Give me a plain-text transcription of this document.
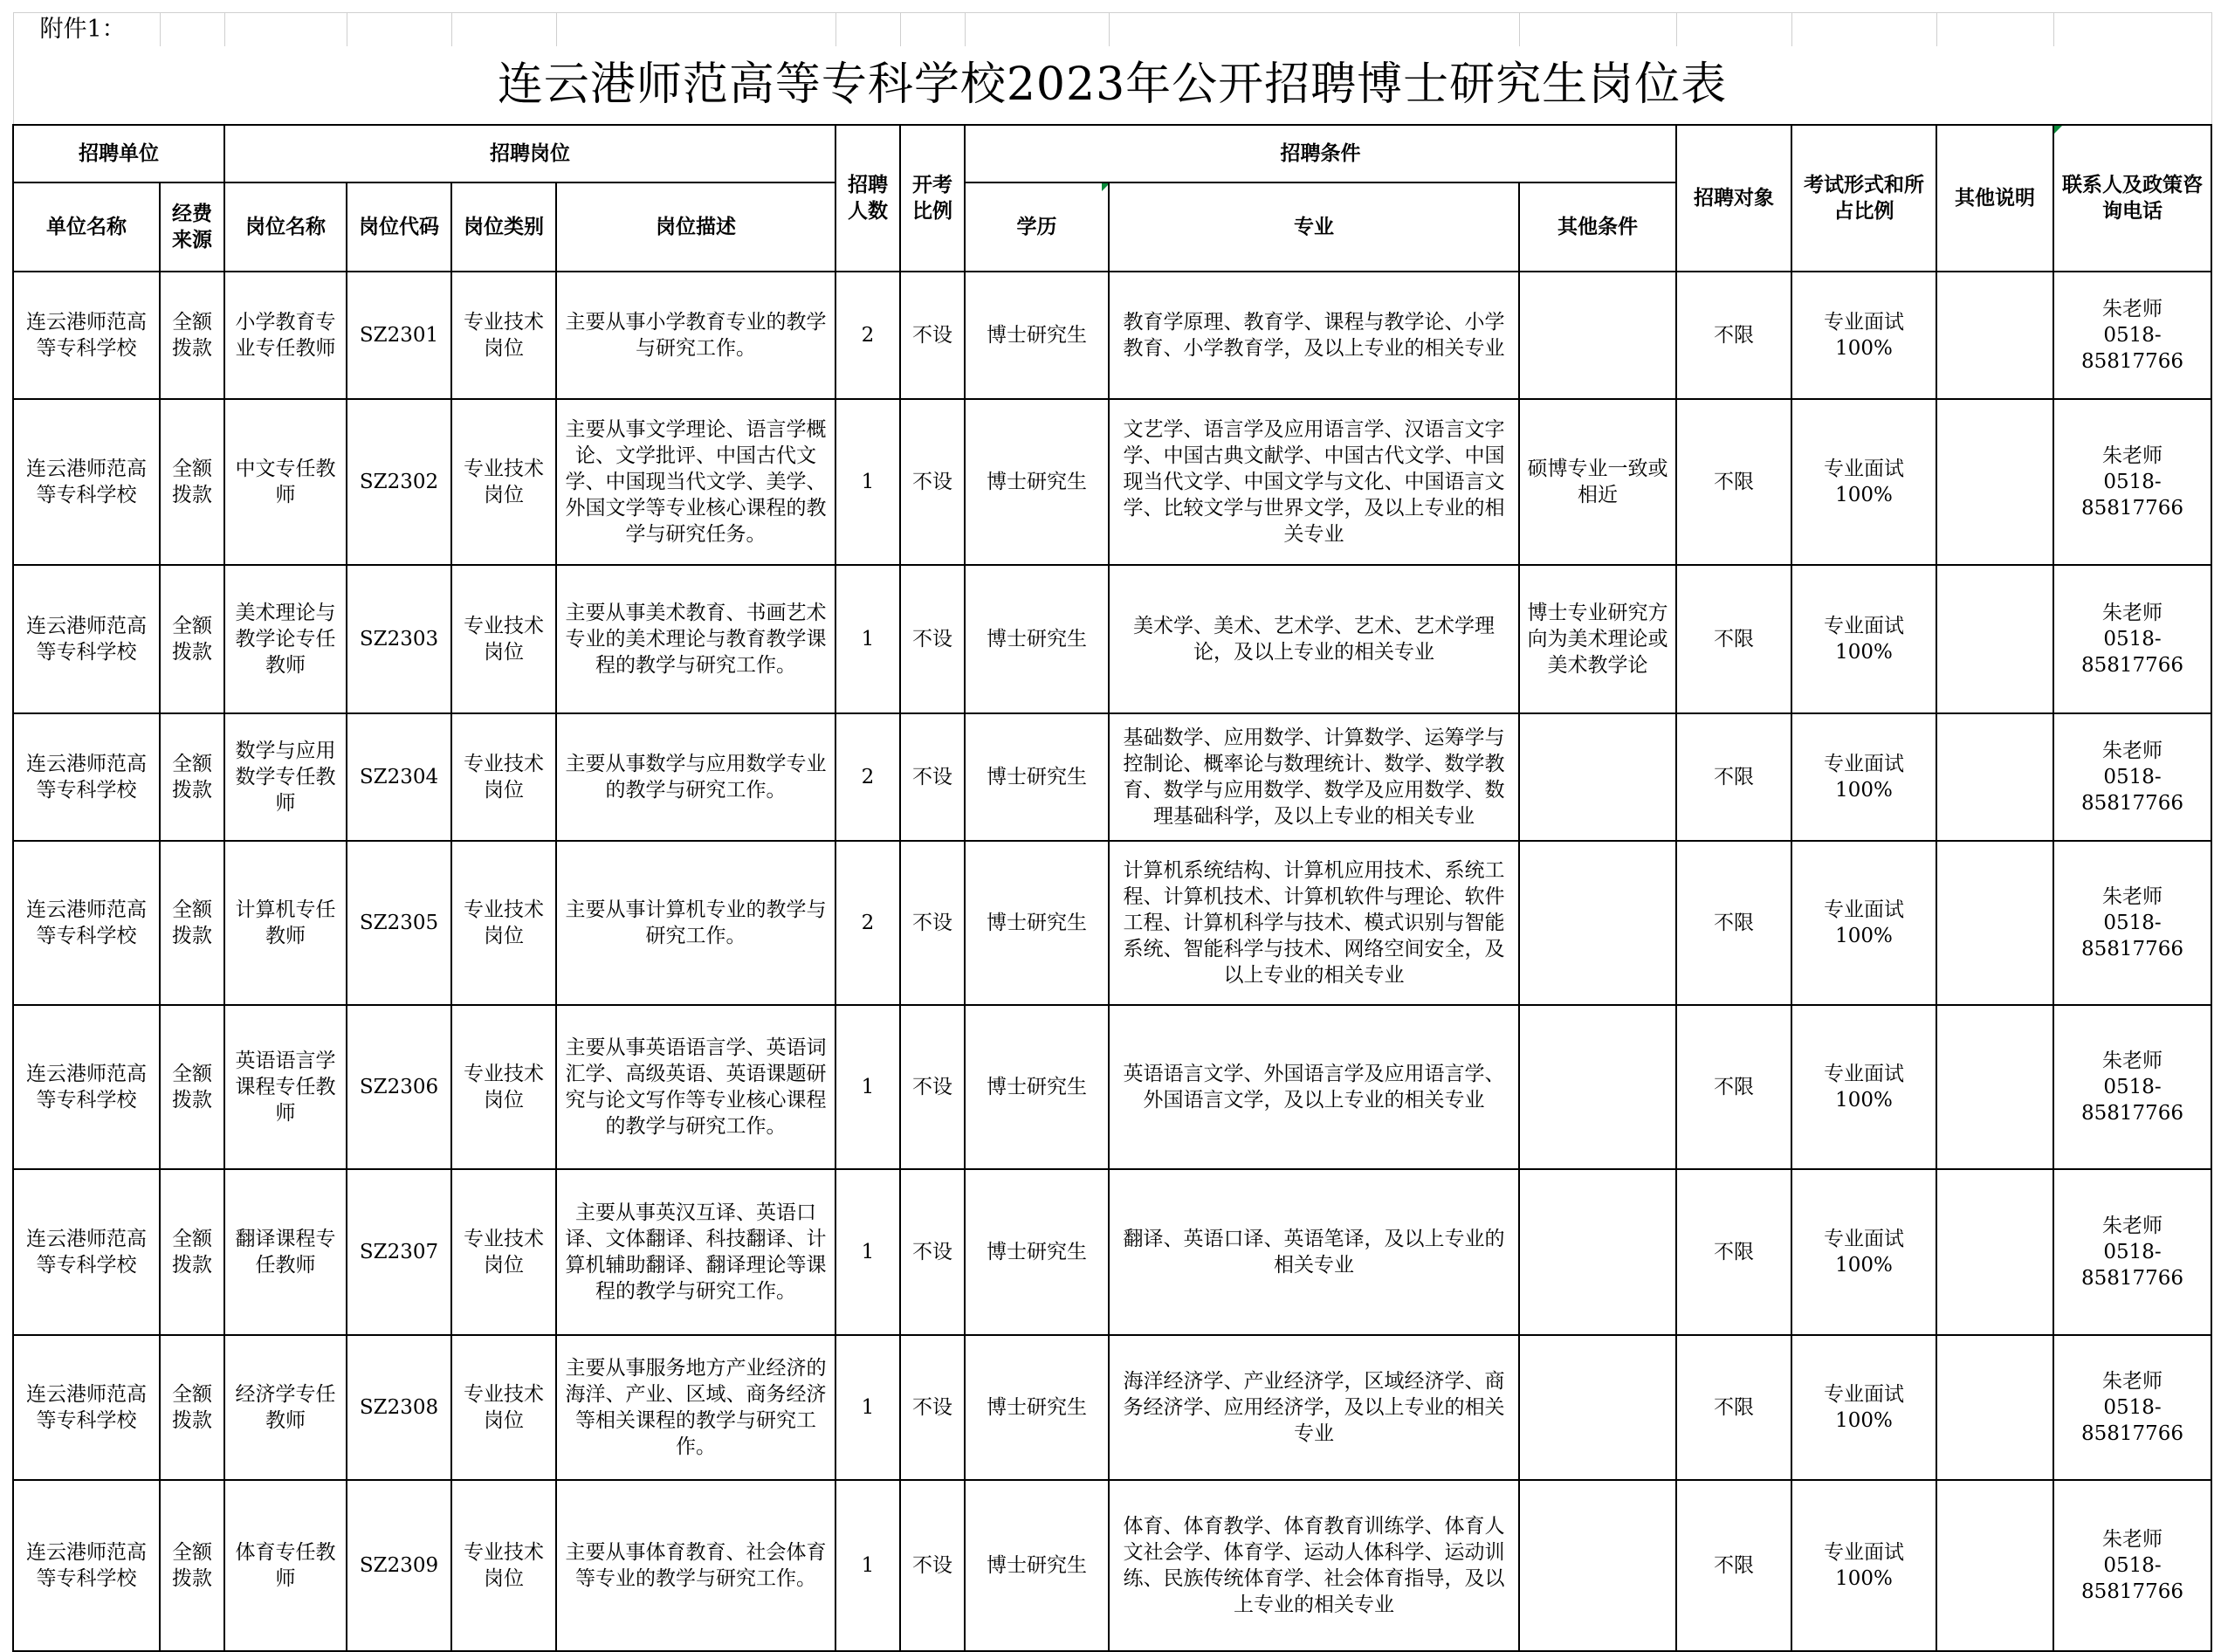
附件1：														
连云港师范高等专科学校2023年公开招聘博士研究生岗位表														
招聘单位		招聘岗位				招聘人数	开考比例	招聘条件			招聘对象	考试形式和所占比例	其他说明	联系人及政策咨询电话
单位名称	经费来源	岗位名称	岗位代码	岗位类别	岗位描述			学历	专业	其他条件				
连云港师范高等专科学校	全额拨款	小学教育专业专任教师	SZ2301	专业技术岗位	主要从事小学教育专业的教学与研究工作。	2	不设	博士研究生	教育学原理、教育学、课程与教学论、小学教育、小学教育学，及以上专业的相关专业		不限	专业面试100%		朱老师
0518-85817766

连云港师范高等专科学校	全额拨款	中文专任教师	SZ2302	专业技术岗位	主要从事文学理论、语言学概论、文学批评、中国古代文学、中国现当代文学、美学、外国文学等专业核心课程的教学与研究任务。	1	不设	博士研究生	文艺学、语言学及应用语言学、汉语言文字学、中国古典文献学、中国古代文学、中国现当代文学、中国文学与文化、中国语言文学、比较文学与世界文学，及以上专业的相关专业	硕博专业一致或相近	不限	专业面试100%		朱老师
0518-85817766

连云港师范高等专科学校	全额拨款	美术理论与教学论专任教师	SZ2303	专业技术岗位	主要从事美术教育、书画艺术专业的美术理论与教育教学课程的教学与研究工作。	1	不设	博士研究生	美术学、美术、艺术学、艺术、艺术学理论，及以上专业的相关专业	博士专业研究方向为美术理论或美术教学论	不限	专业面试100%		朱老师
0518-85817766

连云港师范高等专科学校	全额拨款	数学与应用数学专任教师	SZ2304	专业技术岗位	主要从事数学与应用数学专业的教学与研究工作。	2	不设	博士研究生	基础数学、应用数学、计算数学、运筹学与控制论、概率论与数理统计、数学、数学教育、数学与应用数学、数学及应用数学、数理基础科学，及以上专业的相关专业		不限	专业面试100%		朱老师
0518-85817766

连云港师范高等专科学校	全额拨款	计算机专任教师	SZ2305	专业技术岗位	主要从事计算机专业的教学与研究工作。	2	不设	博士研究生	计算机系统结构、计算机应用技术、系统工程、计算机技术、计算机软件与理论、软件工程、计算机科学与技术、模式识别与智能系统、智能科学与技术、网络空间安全，及以上专业的相关专业		不限	专业面试100%		朱老师
0518-85817766

连云港师范高等专科学校	全额拨款	英语语言学课程专任教师	SZ2306	专业技术岗位	主要从事英语语言学、英语词汇学、高级英语、英语课题研究与论文写作等专业核心课程的教学与研究工作。	1	不设	博士研究生	英语语言文学、外国语言学及应用语言学、外国语言文学，及以上专业的相关专业		不限	专业面试100%		朱老师
0518-85817766

连云港师范高等专科学校	全额拨款	翻译课程专任教师	SZ2307	专业技术岗位	主要从事英汉互译、英语口译、文体翻译、科技翻译、计算机辅助翻译、翻译理论等课程的教学与研究工作。	1	不设	博士研究生	翻译、英语口译、英语笔译，及以上专业的相关专业		不限	专业面试100%		朱老师
0518-85817766

连云港师范高等专科学校	全额拨款	经济学专任教师	SZ2308	专业技术岗位	主要从事服务地方产业经济的海洋、产业、区域、商务经济等相关课程的教学与研究工作。	1	不设	博士研究生	海洋经济学、产业经济学，区域经济学、商务经济学、应用经济学，及以上专业的相关专业		不限	专业面试100%		朱老师
0518-85817766

连云港师范高等专科学校	全额拨款	体育专任教师	SZ2309	专业技术岗位	主要从事体育教育、社会体育等专业的教学与研究工作。	1	不设	博士研究生	体育、体育教学、体育教育训练学、体育人文社会学、体育学、运动人体科学、运动训练、民族传统体育学、社会体育指导，及以上专业的相关专业		不限	专业面试100%		朱老师
0518-85817766
